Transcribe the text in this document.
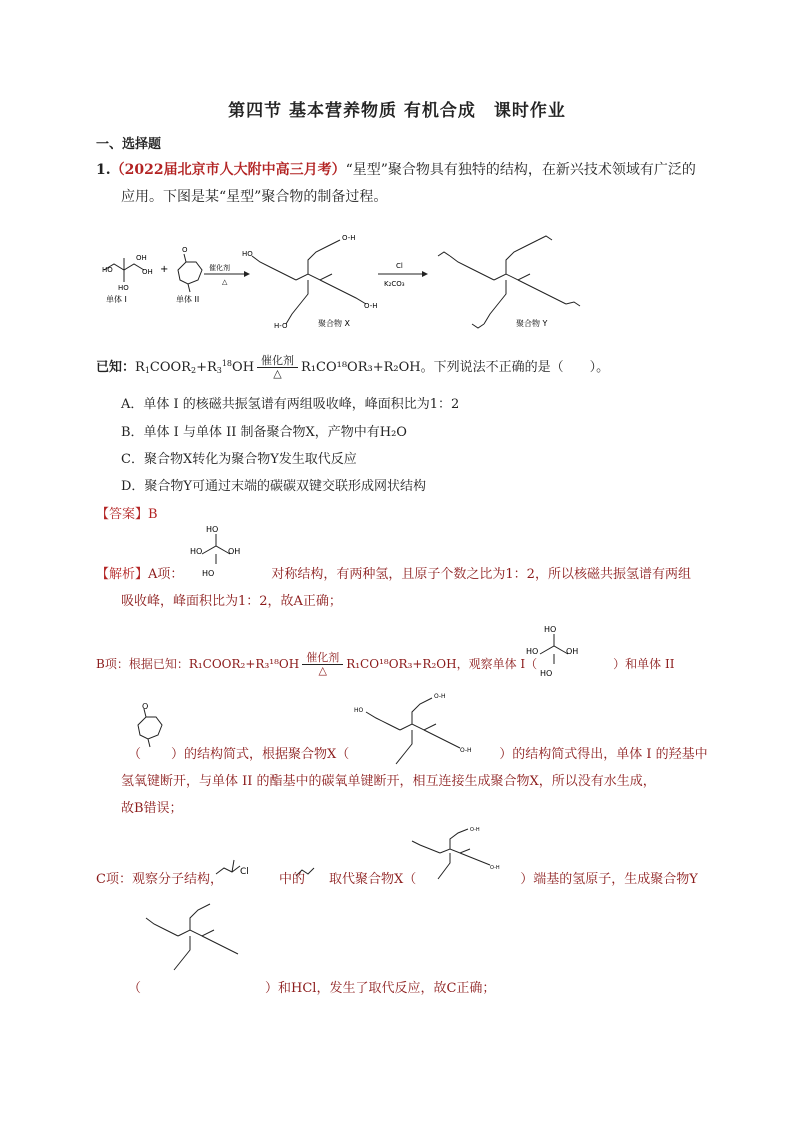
第四节 基本营养物质 有机合成　课时作业
一、选择题
1.（2022届北京市人大附中高三月考）“星型”聚合物具有独特的结构，在新兴技术领域有广泛的
应用。下图是某“星型”聚合物的制备过程。
HO
OH
HO
OH
单体 I
+
O
单体 II
催化剂
△
HO
O-H
O-H
H-O	聚合物 X
Cl
K₂CO₃
聚合物 Y
已知：$R_1COOR_2+R_3^{18}OH \frac{\text{催化剂}}{\triangle} R_1CO^{18}OR_3+R_2OH$。下列说法不正确的是（　　）。
A．单体 I 的核磁共振氢谱有两组吸收峰，峰面积比为1：2
B．单体 I 与单体 II 制备聚合物X，产物中有H₂O
C．聚合物X转化为聚合物Y发生取代反应
D．聚合物Y可通过末端的碳碳双键交联形成网状结构
【答案】B
HO
HO	OH
HO
【解析】A项：	对称结构，有两种氢，且原子个数之比为1：2，所以核磁共振氢谱有两组
吸收峰，峰面积比为1：2，故A正确；
HO
HO	OH
HO
B项：根据已知：R₁COOR₂+R₃¹⁸OH $\frac{\text{催化剂}}{\triangle} R_1CO^{18}OR_3+R_2OH$，观察单体 I（	）和单体 II
O
O-H
O-H
HO
（ ）的结构简式，根据聚合物X（	）的结构简式得出，单体 I 的羟基中
氢氧键断开，与单体 II 的酯基中的碳氧单键断开，相互连接生成聚合物X，所以没有水生成，
故B错误；
O-H
O-H
Cl
C项：观察分子结构，	中的 取代聚合物X（	）端基的氢原子，生成聚合物Y
（	）和HCl，发生了取代反应，故C正确；
